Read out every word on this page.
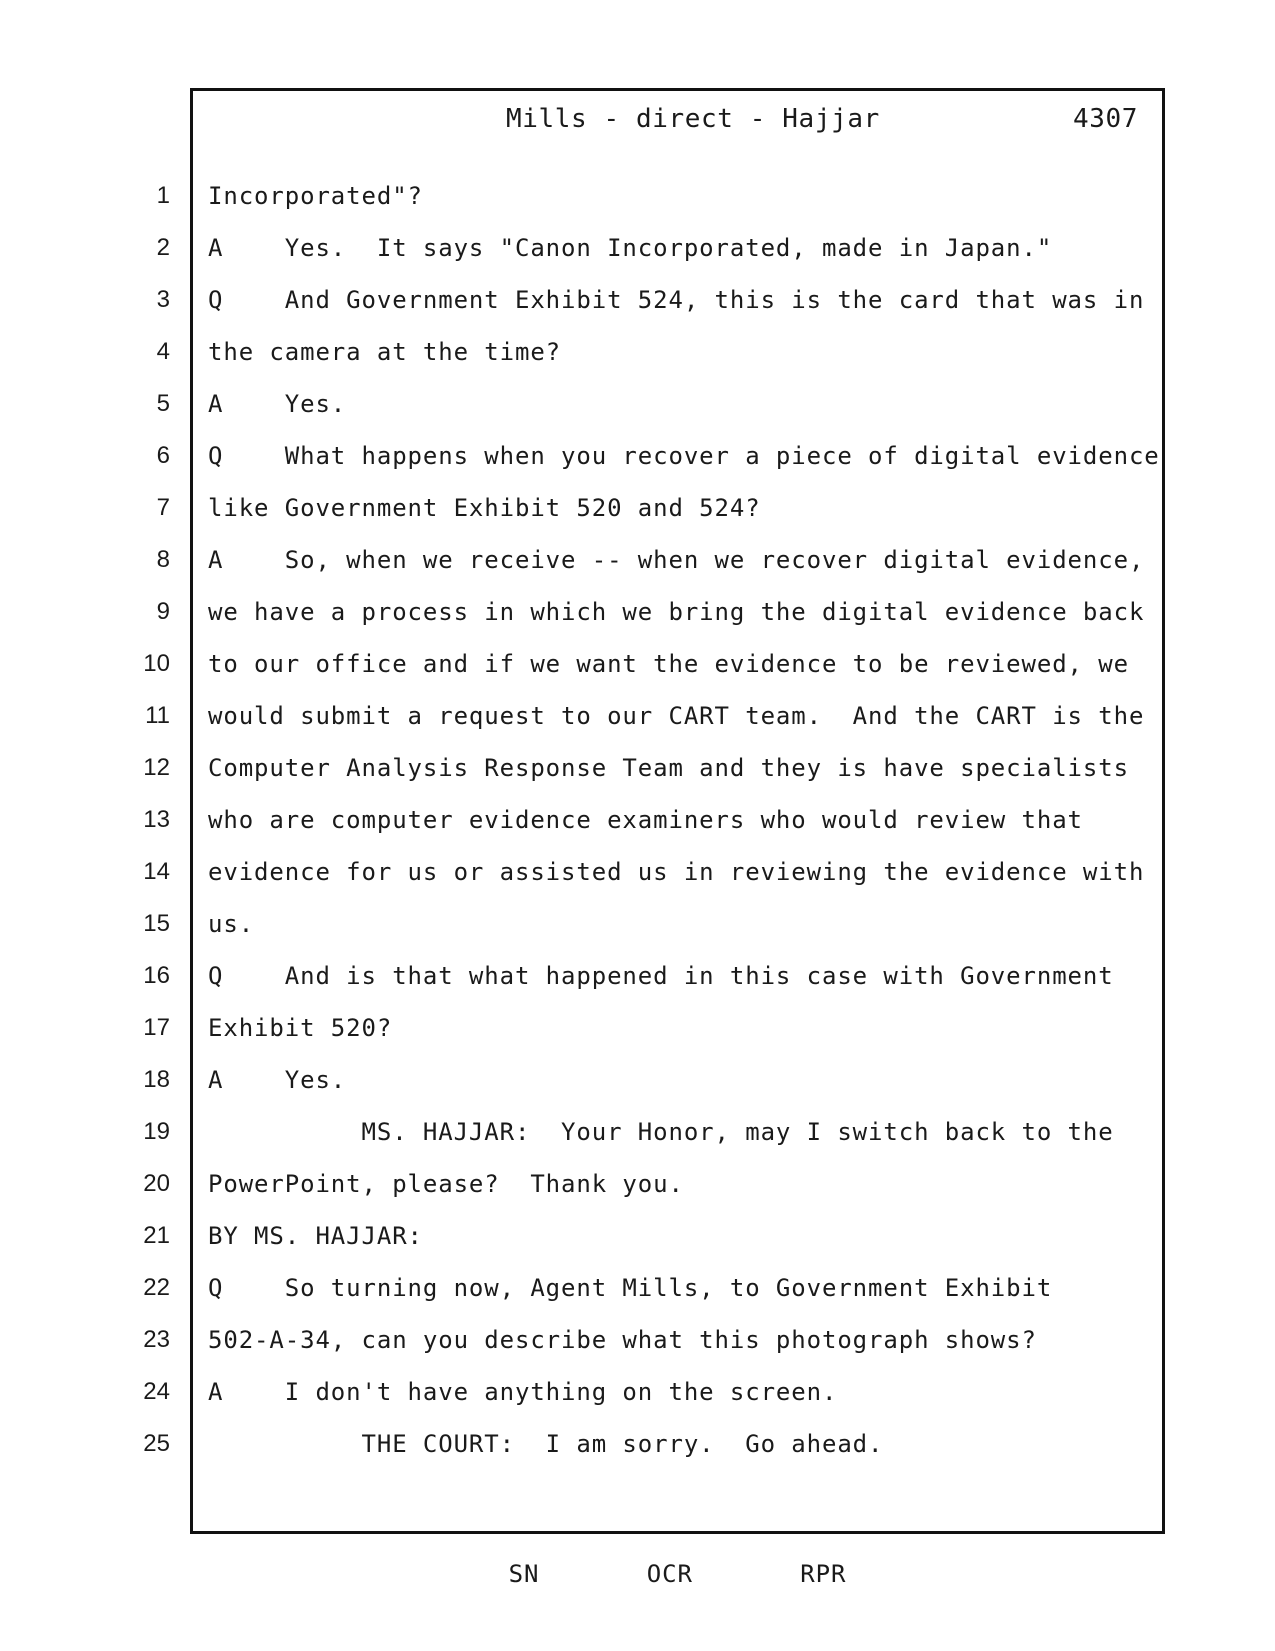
Mills - direct - Hajjar	4307
1 Incorporated"?
2 A    Yes.  It says "Canon Incorporated, made in Japan."
3 Q    And Government Exhibit 524, this is the card that was in
4 the camera at the time?
5 A    Yes.
6 Q    What happens when you recover a piece of digital evidence
7 like Government Exhibit 520 and 524?
8 A    So, when we receive -- when we recover digital evidence,
9 we have a process in which we bring the digital evidence back
10 to our office and if we want the evidence to be reviewed, we
11 would submit a request to our CART team.  And the CART is the
12 Computer Analysis Response Team and they is have specialists
13 who are computer evidence examiners who would review that
14 evidence for us or assisted us in reviewing the evidence with
15 us.
16 Q    And is that what happened in this case with Government
17 Exhibit 520?
18 A    Yes.
19 MS. HAJJAR:  Your Honor, may I switch back to the
20 PowerPoint, please?  Thank you.
21 BY MS. HAJJAR:
22 Q    So turning now, Agent Mills, to Government Exhibit
23 502-A-34, can you describe what this photograph shows?
24 A    I don't have anything on the screen.
25 THE COURT:  I am sorry.  Go ahead.
SN       OCR       RPR
